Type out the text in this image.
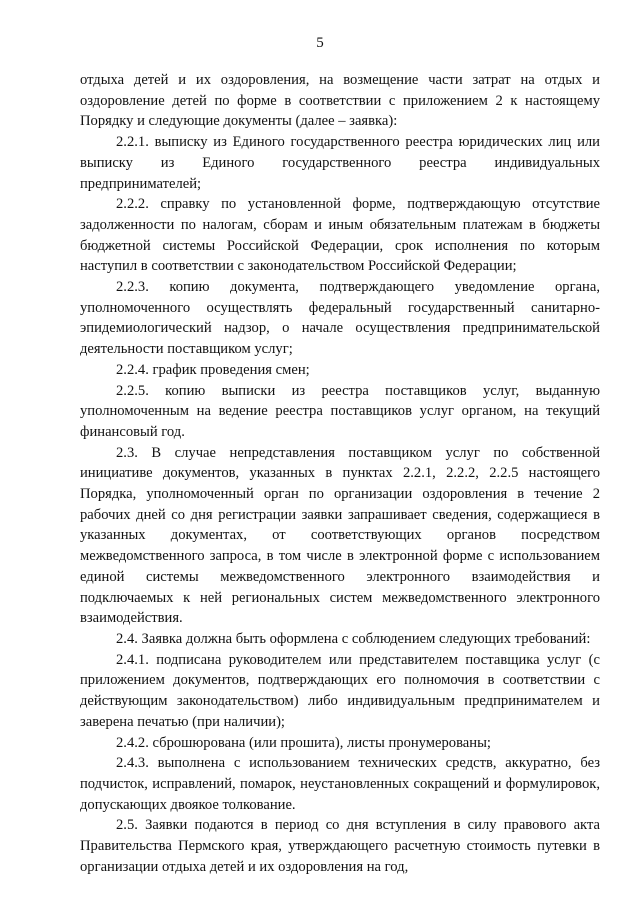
5

отдыха детей и их оздоровления, на возмещение части затрат на отдых и оздоровление детей по форме в соответствии с приложением 2 к настоящему Порядку и следующие документы (далее – заявка):

2.2.1. выписку из Единого государственного реестра юридических лиц или выписку из Единого государственного реестра индивидуальных предпринимателей;

2.2.2. справку по установленной форме, подтверждающую отсутствие задолженности по налогам, сборам и иным обязательным платежам в бюджеты бюджетной системы Российской Федерации, срок исполнения по которым наступил в соответствии с законодательством Российской Федерации;

2.2.3. копию документа, подтверждающего уведомление органа, уполномоченного осуществлять федеральный государственный санитарно-эпидемиологический надзор, о начале осуществления предпринимательской деятельности поставщиком услуг;

2.2.4. график проведения смен;

2.2.5. копию выписки из реестра поставщиков услуг, выданную уполномоченным на ведение реестра поставщиков услуг органом, на текущий финансовый год.

2.3. В случае непредставления поставщиком услуг по собственной инициативе документов, указанных в пунктах 2.2.1, 2.2.2, 2.2.5 настоящего Порядка, уполномоченный орган по организации оздоровления в течение 2 рабочих дней со дня регистрации заявки запрашивает сведения, содержащиеся в указанных документах, от соответствующих органов посредством межведомственного запроса, в том числе в электронной форме с использованием единой системы межведомственного электронного взаимодействия и подключаемых к ней региональных систем межведомственного электронного взаимодействия.

2.4. Заявка должна быть оформлена с соблюдением следующих требований:

2.4.1. подписана руководителем или представителем поставщика услуг (с приложением документов, подтверждающих его полномочия в соответствии с действующим законодательством) либо индивидуальным предпринимателем и заверена печатью (при наличии);

2.4.2. сброшюрована (или прошита), листы пронумерованы;

2.4.3. выполнена с использованием технических средств, аккуратно, без подчисток, исправлений, помарок, неустановленных сокращений и формулировок, допускающих двоякое толкование.

2.5. Заявки подаются в период со дня вступления в силу правового акта Правительства Пермского края, утверждающего расчетную стоимость путевки в организации отдыха детей и их оздоровления на год,
